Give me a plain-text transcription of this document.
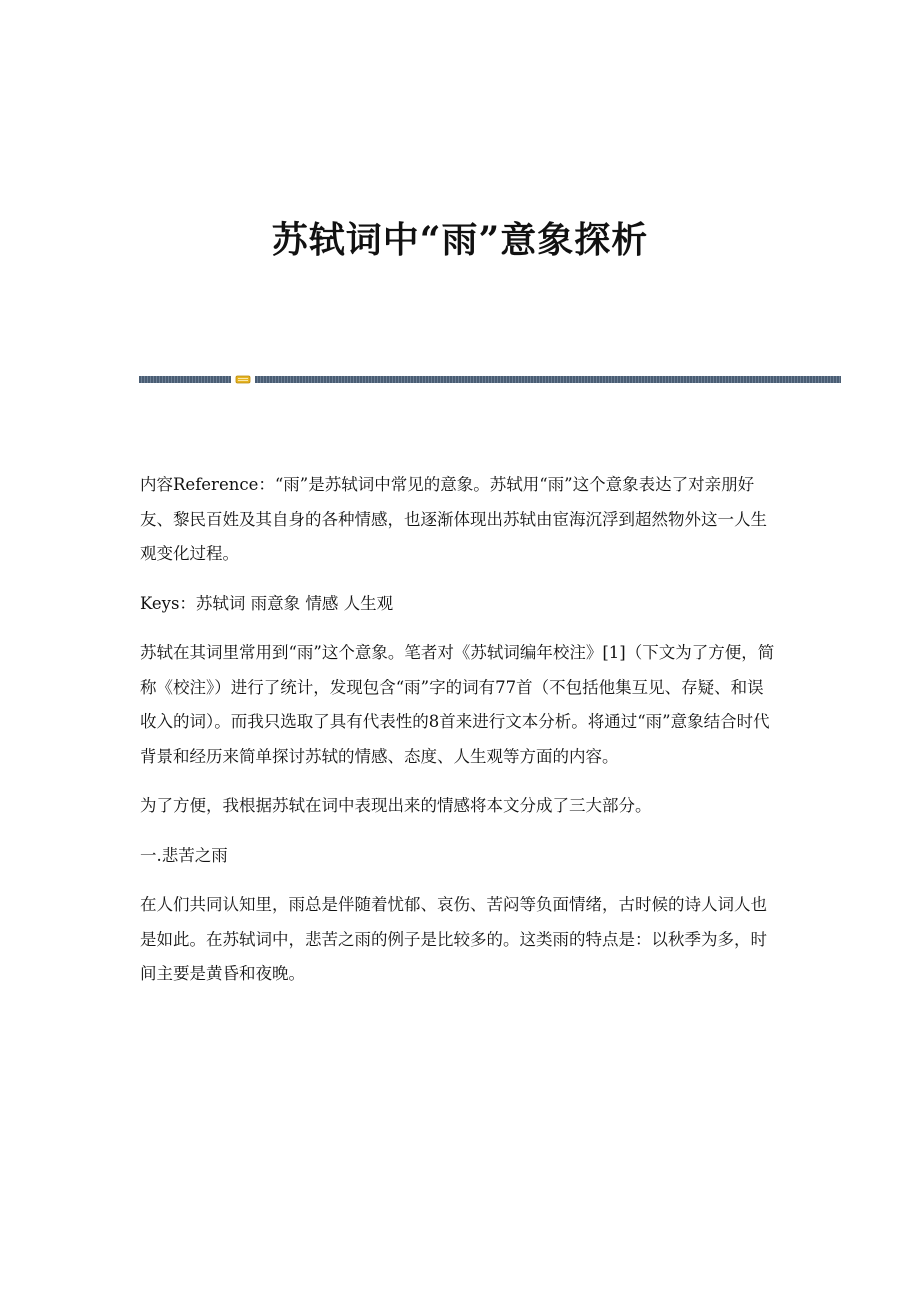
苏轼词中“雨”意象探析

内容Reference：“雨”是苏轼词中常见的意象。苏轼用“雨”这个意象表达了对亲朋好友、黎民百姓及其自身的各种情感，也逐渐体现出苏轼由宦海沉浮到超然物外这一人生观变化过程。

Keys：苏轼词 雨意象 情感 人生观

苏轼在其词里常用到“雨”这个意象。笔者对《苏轼词编年校注》[1]（下文为了方便，简称《校注》）进行了统计，发现包含“雨”字的词有77首（不包括他集互见、存疑、和误收入的词）。而我只选取了具有代表性的8首来进行文本分析。将通过“雨”意象结合时代背景和经历来简单探讨苏轼的情感、态度、人生观等方面的内容。

为了方便，我根据苏轼在词中表现出来的情感将本文分成了三大部分。

一.悲苦之雨

在人们共同认知里，雨总是伴随着忧郁、哀伤、苦闷等负面情绪，古时候的诗人词人也是如此。在苏轼词中，悲苦之雨的例子是比较多的。这类雨的特点是：以秋季为多，时间主要是黄昏和夜晚。
